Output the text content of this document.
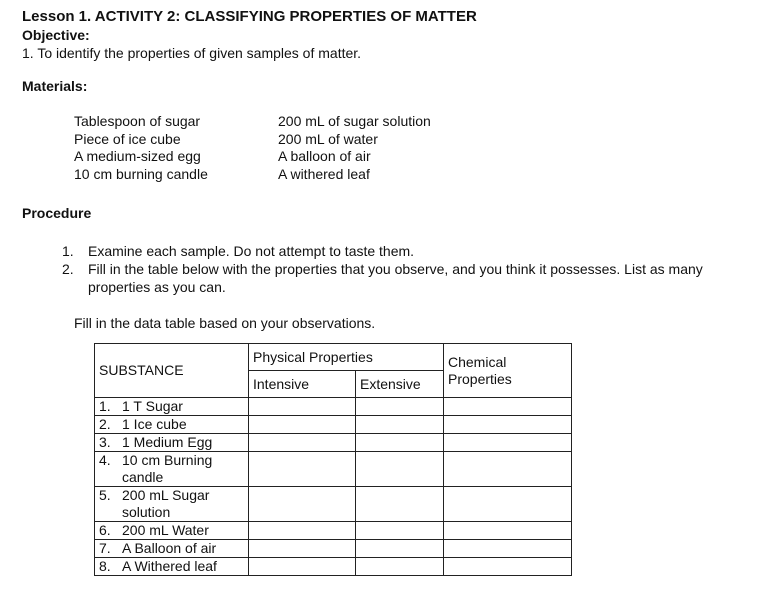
Lesson 1. ACTIVITY 2: CLASSIFYING PROPERTIES OF MATTER
Objective:
1. To identify the properties of given samples of matter.
Materials:
Tablespoon of sugar
Piece of ice cube
A medium-sized egg
10 cm burning candle
200 mL of sugar solution
200 mL of water
A balloon of air
A withered leaf
Procedure
1.	Examine each sample. Do not attempt to taste them.
2.	Fill in the table below with the properties that you observe, and you think it possesses. List as many properties as you can.
Fill in the data table based on your observations.
SUBSTANCE	Physical Properties		Chemical Properties
	Intensive	Extensive	

1. 1 T Sugar			

2. 1 Ice cube			

3. 1 Medium Egg			

4. 10 cm Burning candle			

5. 200 mL Sugar solution			

6. 200 mL Water			

7. A Balloon of air			

8. A Withered leaf			
